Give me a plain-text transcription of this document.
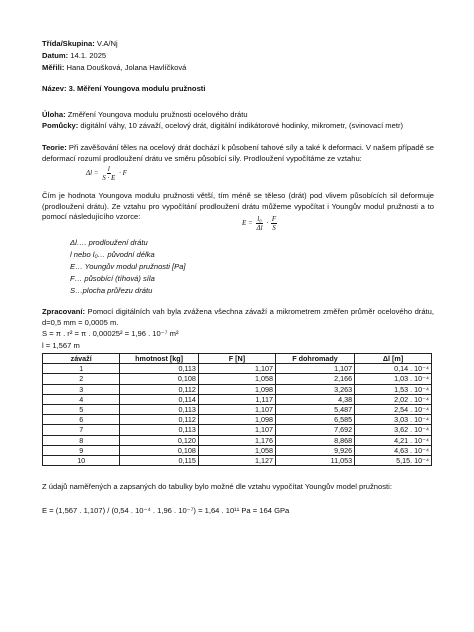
Třída/Skupina: V.A/Nj
Datum: 14.1. 2025
Měřili: Hana Doušková, Jolana Havlíčková
Název: 3. Měření Youngova modulu pružnosti
Úloha: Změření Youngova modulu pružnosti ocelového drátu
Pomůcky: digitální váhy, 10 závaží, ocelový drát, digitální indikátorové hodinky, mikrometr, (svinovací metr)
Teorie: Při zavěšování těles na ocelový drát dochází k působení tahové síly a také k deformaci. V našem případě se deformací rozumí prodloužení drátu ve směru působící síly. Prodloužení vypočítáme ze vztahu:
$\Delta l = \frac{l}{S \cdot E} \cdot F$
Čím je hodnota Youngova modulu pružnosti větší, tím méně se těleso (drát) pod vlivem působících sil deformuje (prodloužení drátu). Ze vztahu pro vypočítání prodloužení drátu můžeme vypočítat i Youngův modul pružnosti a to pomocí následujícího vzorce:
$E = \frac{\text{l₀}}{\Delta l} \cdot \frac{F}{S}$
Δl…. prodloužení drátu
l nebo l₀… původní délka
E… Youngův modul pružnosti [Pa]
F… působící (tíhová) síla
S…plocha průřezu drátu
Zpracovaní: Pomocí digitálních vah byla zvážena všechna závaží a mikrometrem změřen průměr ocelového drátu, d=0,5 mm = 0,0005 m.
S = π . r² = π . 0,00025² = 1,96 . 10⁻⁷ m²
l = 1,567 m
závaží	hmotnost [kg]	F [N]	F dohromady	Δl [m]
1	0,113	1,107	1,107	0,14 . 10⁻⁴
2	0,108	1,058	2,166	1,03 . 10⁻⁴
3	0,112	1,098	3,263	1,53 . 10⁻⁴
4	0,114	1,117	4,38	2,02 . 10⁻⁴
5	0,113	1,107	5,487	2,54 . 10⁻⁴
6	0,112	1,098	6,585	3,03 . 10⁻⁴
7	0,113	1,107	7,692	3,62 . 10⁻⁴
8	0,120	1,176	8,868	4,21 . 10⁻⁴
9	0,108	1,058	9,926	4,63 . 10⁻⁴
10	0,115	1,127	11,053	5,15. 10⁻⁴
Z údajů naměřených a zapsaných do tabulky bylo možné dle vztahu vypočítat Youngův model pružnosti:
E = (1,567 . 1,107) / (0,54 . 10⁻⁴ . 1,96 . 10⁻⁷) = 1,64 . 10¹¹ Pa = 164 GPa
